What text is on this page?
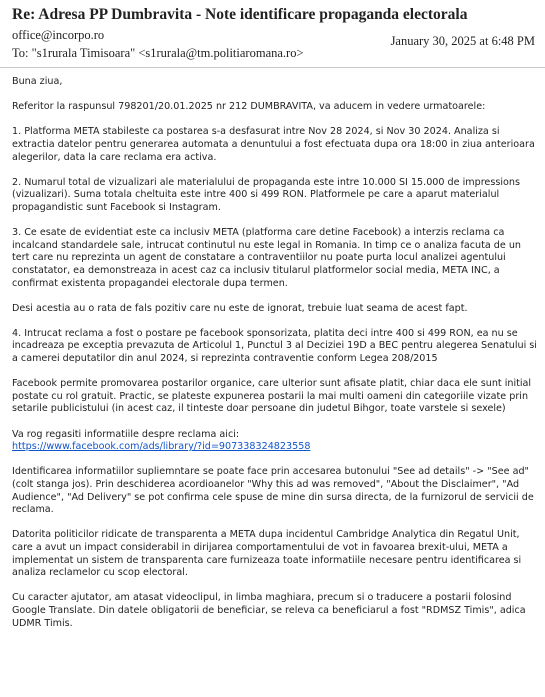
Re: Adresa PP Dumbravita - Note identificare propaganda electorala
office@incorpo.ro	January 30, 2025 at 6:48 PM
To: "s1rurala Timisoara" <s1rurala@tm.politiaromana.ro>

Buna ziua,

Referitor la raspunsul 798201/20.01.2025 nr 212 DUMBRAVITA, va aducem in vedere urmatoarele:

1. Platforma META stabileste ca postarea s-a desfasurat intre Nov 28 2024, si Nov 30 2024. Analiza si extractia datelor pentru generarea automata a denuntului a fost efectuata dupa ora 18:00 in ziua anterioara alegerilor, data la care reclama era activa.

2. Numarul total de vizualizari ale materialului de propaganda este intre 10.000 SI 15.000 de impressions (vizualizari). Suma totala cheltuita este intre 400 si 499 RON. Platformele pe care a aparut materialul propagandistic sunt Facebook si Instagram.

3. Ce esate de evidentiat este ca inclusiv META (platforma care detine Facebook) a interzis reclama ca incalcand standardele sale, intrucat continutul nu este legal in Romania. In timp ce o analiza facuta de un tert care nu reprezinta un agent de constatare a contraventiilor nu poate purta locul analizei agentului constatator, ea demonstreaza in acest caz ca inclusiv titularul platformelor social media, META INC, a confirmat existenta propagandei electorale dupa termen.

Desi acestia au o rata de fals pozitiv care nu este de ignorat, trebuie luat seama de acest fapt.

4. Intrucat reclama a fost o postare pe facebook sponsorizata, platita deci intre 400 si 499 RON, ea nu se incadreaza pe exceptia prevazuta de Articolul 1, Punctul 3 al Deciziei 19D a BEC pentru alegerea Senatului si a camerei deputatilor din anul 2024, si reprezinta contraventie conform Legea 208/2015

Facebook permite promovarea postarilor organice, care ulterior sunt afisate platit, chiar daca ele sunt initial postate cu rol gratuit. Practic, se plateste expunerea postarii la mai multi oameni din categoriile vizate prin setarile publicistului (in acest caz, il tinteste doar persoane din judetul Bihgor, toate varstele si sexele)

Va rog regasiti informatiile despre reclama aici:
https://www.facebook.com/ads/library/?id=907338324823558

Identificarea informatiilor supliemntare se poate face prin accesarea butonului "See ad details" -> "See ad" (colt stanga jos). Prin deschiderea acordioanelor "Why this ad was removed", "About the Disclaimer", "Ad Audience", "Ad Delivery" se pot confirma cele spuse de mine din sursa directa, de la furnizorul de servicii de reclama.

Datorita politicilor ridicate de transparenta a META dupa incidentul Cambridge Analytica din Regatul Unit, care a avut un impact considerabil in dirijarea comportamentului de vot in favoarea brexit-ului, META a implementat un sistem de transparenta care furnizeaza toate informatiile necesare pentru identificarea si analiza reclamelor cu scop electoral.

Cu caracter ajutator, am atasat videoclipul, in limba maghiara, precum si o traducere a postarii folosind Google Translate. Din datele obligatorii de beneficiar, se releva ca beneficiarul a fost "RDMSZ Timis", adica UDMR Timis.
